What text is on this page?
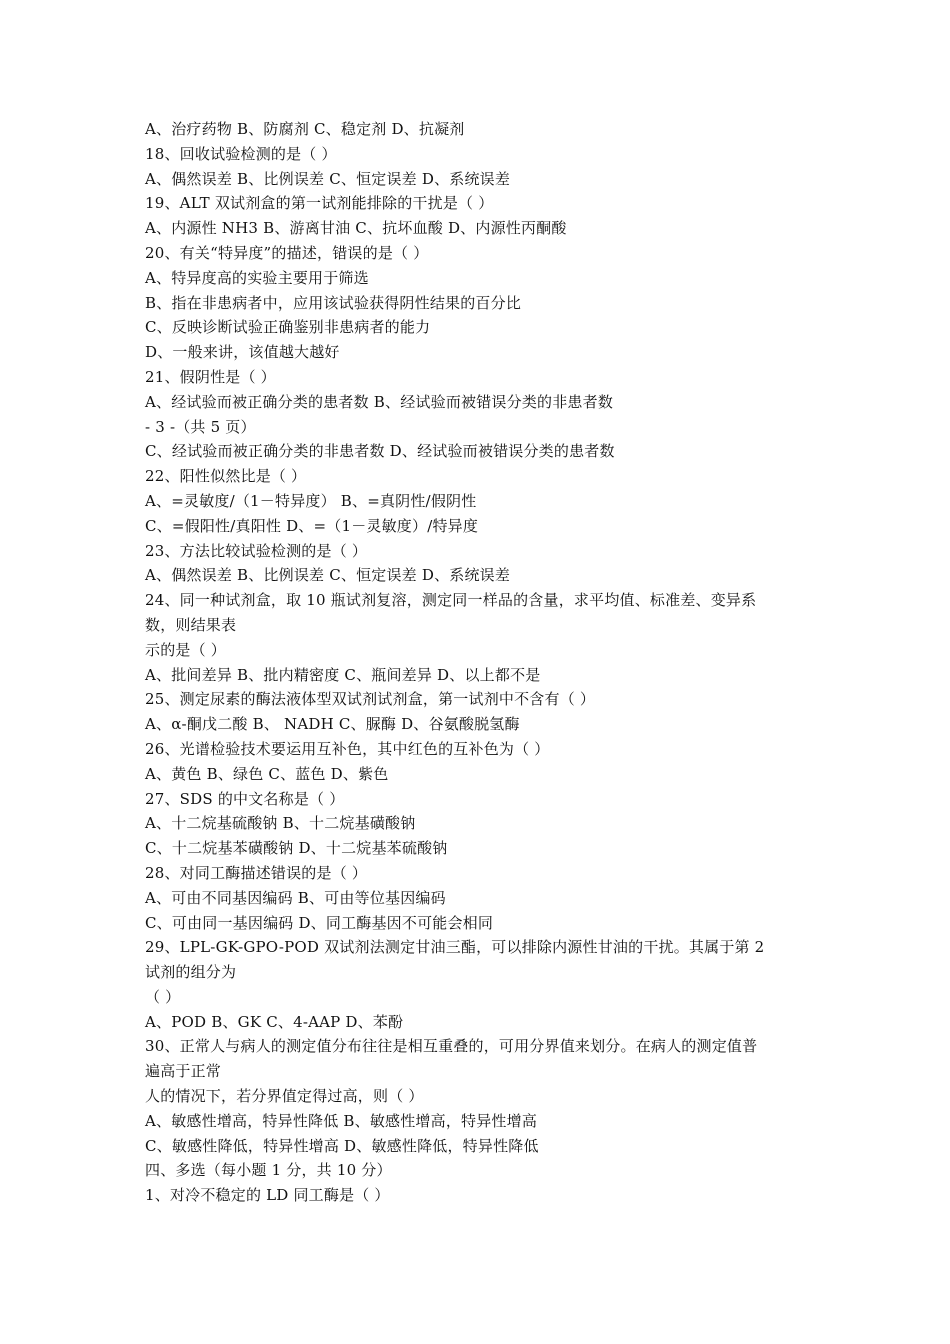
A、治疗药物 B、防腐剂 C、稳定剂 D、抗凝剂
18、回收试验检测的是（ ）
A、偶然误差 B、比例误差 C、恒定误差 D、系统误差
19、ALT 双试剂盒的第一试剂能排除的干扰是（ ）
A、内源性 NH3 B、游离甘油 C、抗坏血酸 D、内源性丙酮酸
20、有关“特异度”的描述，错误的是（ ）
A、特异度高的实验主要用于筛选
B、指在非患病者中，应用该试验获得阴性结果的百分比
C、反映诊断试验正确鉴别非患病者的能力
D、一般来讲，该值越大越好
21、假阴性是（ ）
A、经试验而被正确分类的患者数 B、经试验而被错误分类的非患者数
- 3 -（共 5 页）
C、经试验而被正确分类的非患者数 D、经试验而被错误分类的患者数
22、阳性似然比是（ ）
A、=灵敏度/（1－特异度） B、=真阴性/假阴性
C、=假阳性/真阳性 D、=（1－灵敏度）/特异度
23、方法比较试验检测的是（ ）
A、偶然误差 B、比例误差 C、恒定误差 D、系统误差
24、同一种试剂盒，取 10 瓶试剂复溶，测定同一样品的含量，求平均值、标准差、变异系
数，则结果表
示的是（ ）
A、批间差异 B、批内精密度 C、瓶间差异 D、以上都不是
25、测定尿素的酶法液体型双试剂试剂盒，第一试剂中不含有（ ）
A、α-酮戊二酸 B、 NADH C、脲酶 D、谷氨酸脱氢酶
26、光谱检验技术要运用互补色，其中红色的互补色为（ ）
A、黄色 B、绿色 C、蓝色 D、紫色
27、SDS 的中文名称是（ ）
A、十二烷基硫酸钠 B、十二烷基磺酸钠
C、十二烷基苯磺酸钠 D、十二烷基苯硫酸钠
28、对同工酶描述错误的是（ ）
A、可由不同基因编码 B、可由等位基因编码
C、可由同一基因编码 D、同工酶基因不可能会相同
29、LPL-GK-GPO-POD 双试剂法测定甘油三酯，可以排除内源性甘油的干扰。其属于第 2
试剂的组分为
（ ）
A、POD B、GK C、4-AAP D、苯酚
30、正常人与病人的测定值分布往往是相互重叠的，可用分界值来划分。在病人的测定值普
遍高于正常
人的情况下，若分界值定得过高，则（ ）
A、敏感性增高，特异性降低 B、敏感性增高，特异性增高
C、敏感性降低，特异性增高 D、敏感性降低，特异性降低
四、多选（每小题 1 分，共 10 分）
1、对冷不稳定的 LD 同工酶是（ ）
